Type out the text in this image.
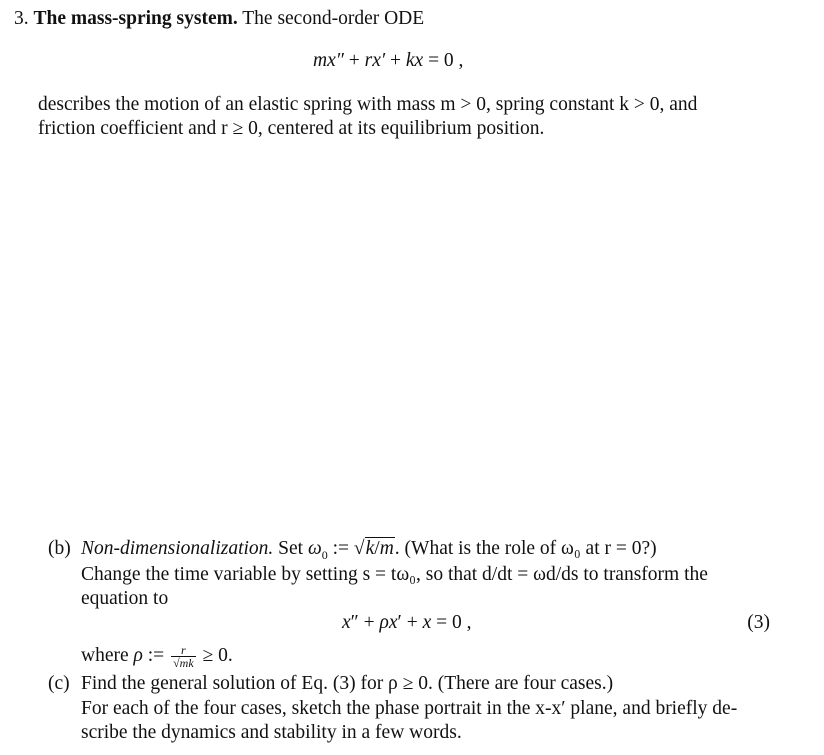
3. The mass-spring system. The second-order ODE
mx″ + rx′ + kx = 0 ,
describes the motion of an elastic spring with mass m > 0, spring constant k > 0, and
friction coefficient and r ≥ 0, centered at its equilibrium position.
(b) Non-dimensionalization. Set $\omega_0$ := √k/m. (What is the role of ω₀ at r = 0?)
Change the time variable by setting s = tω₀, so that d/dt = ωd/ds to transform the
equation to
x″ + ρx′ + x = 0 ,	(3)
where ρ := $\frac{r}{√mk} \ge 0$.
(c) Find the general solution of Eq. (3) for ρ ≥ 0. (There are four cases.)
For each of the four cases, sketch the phase portrait in the x-x′ plane, and briefly de-
scribe the dynamics and stability in a few words.
